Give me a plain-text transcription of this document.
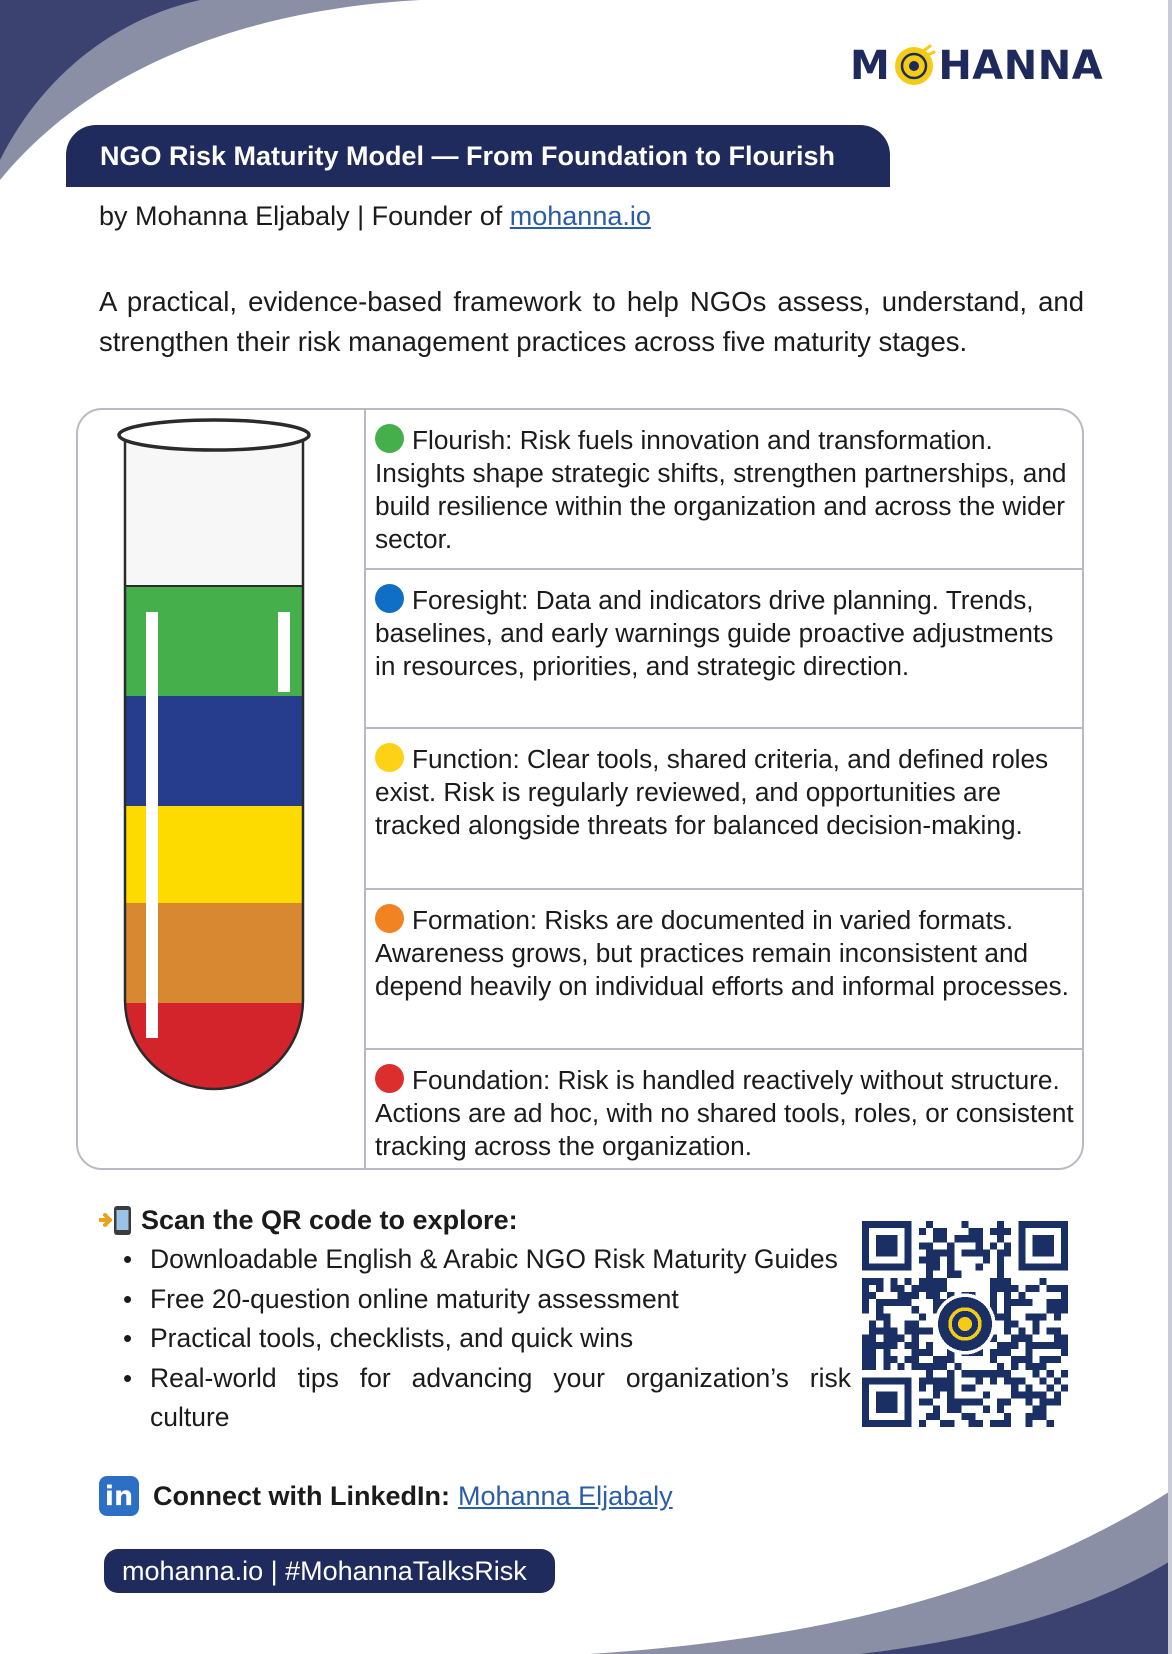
M HANNA
NGO Risk Maturity Model — From Foundation to Flourish
by Mohanna Eljabaly | Founder of mohanna.io

A practical, evidence-based framework to help NGOs assess, understand, and strengthen their risk management practices across five maturity stages.

Flourish: Risk fuels innovation and transformation. Insights shape strategic shifts, strengthen partnerships, and build resilience within the organization and across the wider sector.
Foresight: Data and indicators drive planning. Trends, baselines, and early warnings guide proactive adjustments in resources, priorities, and strategic direction.
Function: Clear tools, shared criteria, and defined roles exist. Risk is regularly reviewed, and opportunities are tracked alongside threats for balanced decision-making.
Formation: Risks are documented in varied formats. Awareness grows, but practices remain inconsistent and depend heavily on individual efforts and informal processes.
Foundation: Risk is handled reactively without structure. Actions are ad hoc, with no shared tools, roles, or consistent tracking across the organization.
Scan the QR code to explore:
• Downloadable English & Arabic NGO Risk Maturity Guides
• Free 20-question online maturity assessment
• Practical tools, checklists, and quick wins
• Real-world tips for advancing your organization’s risk culture
in Connect with LinkedIn: Mohanna Eljabaly
mohanna.io | #MohannaTalksRisk
